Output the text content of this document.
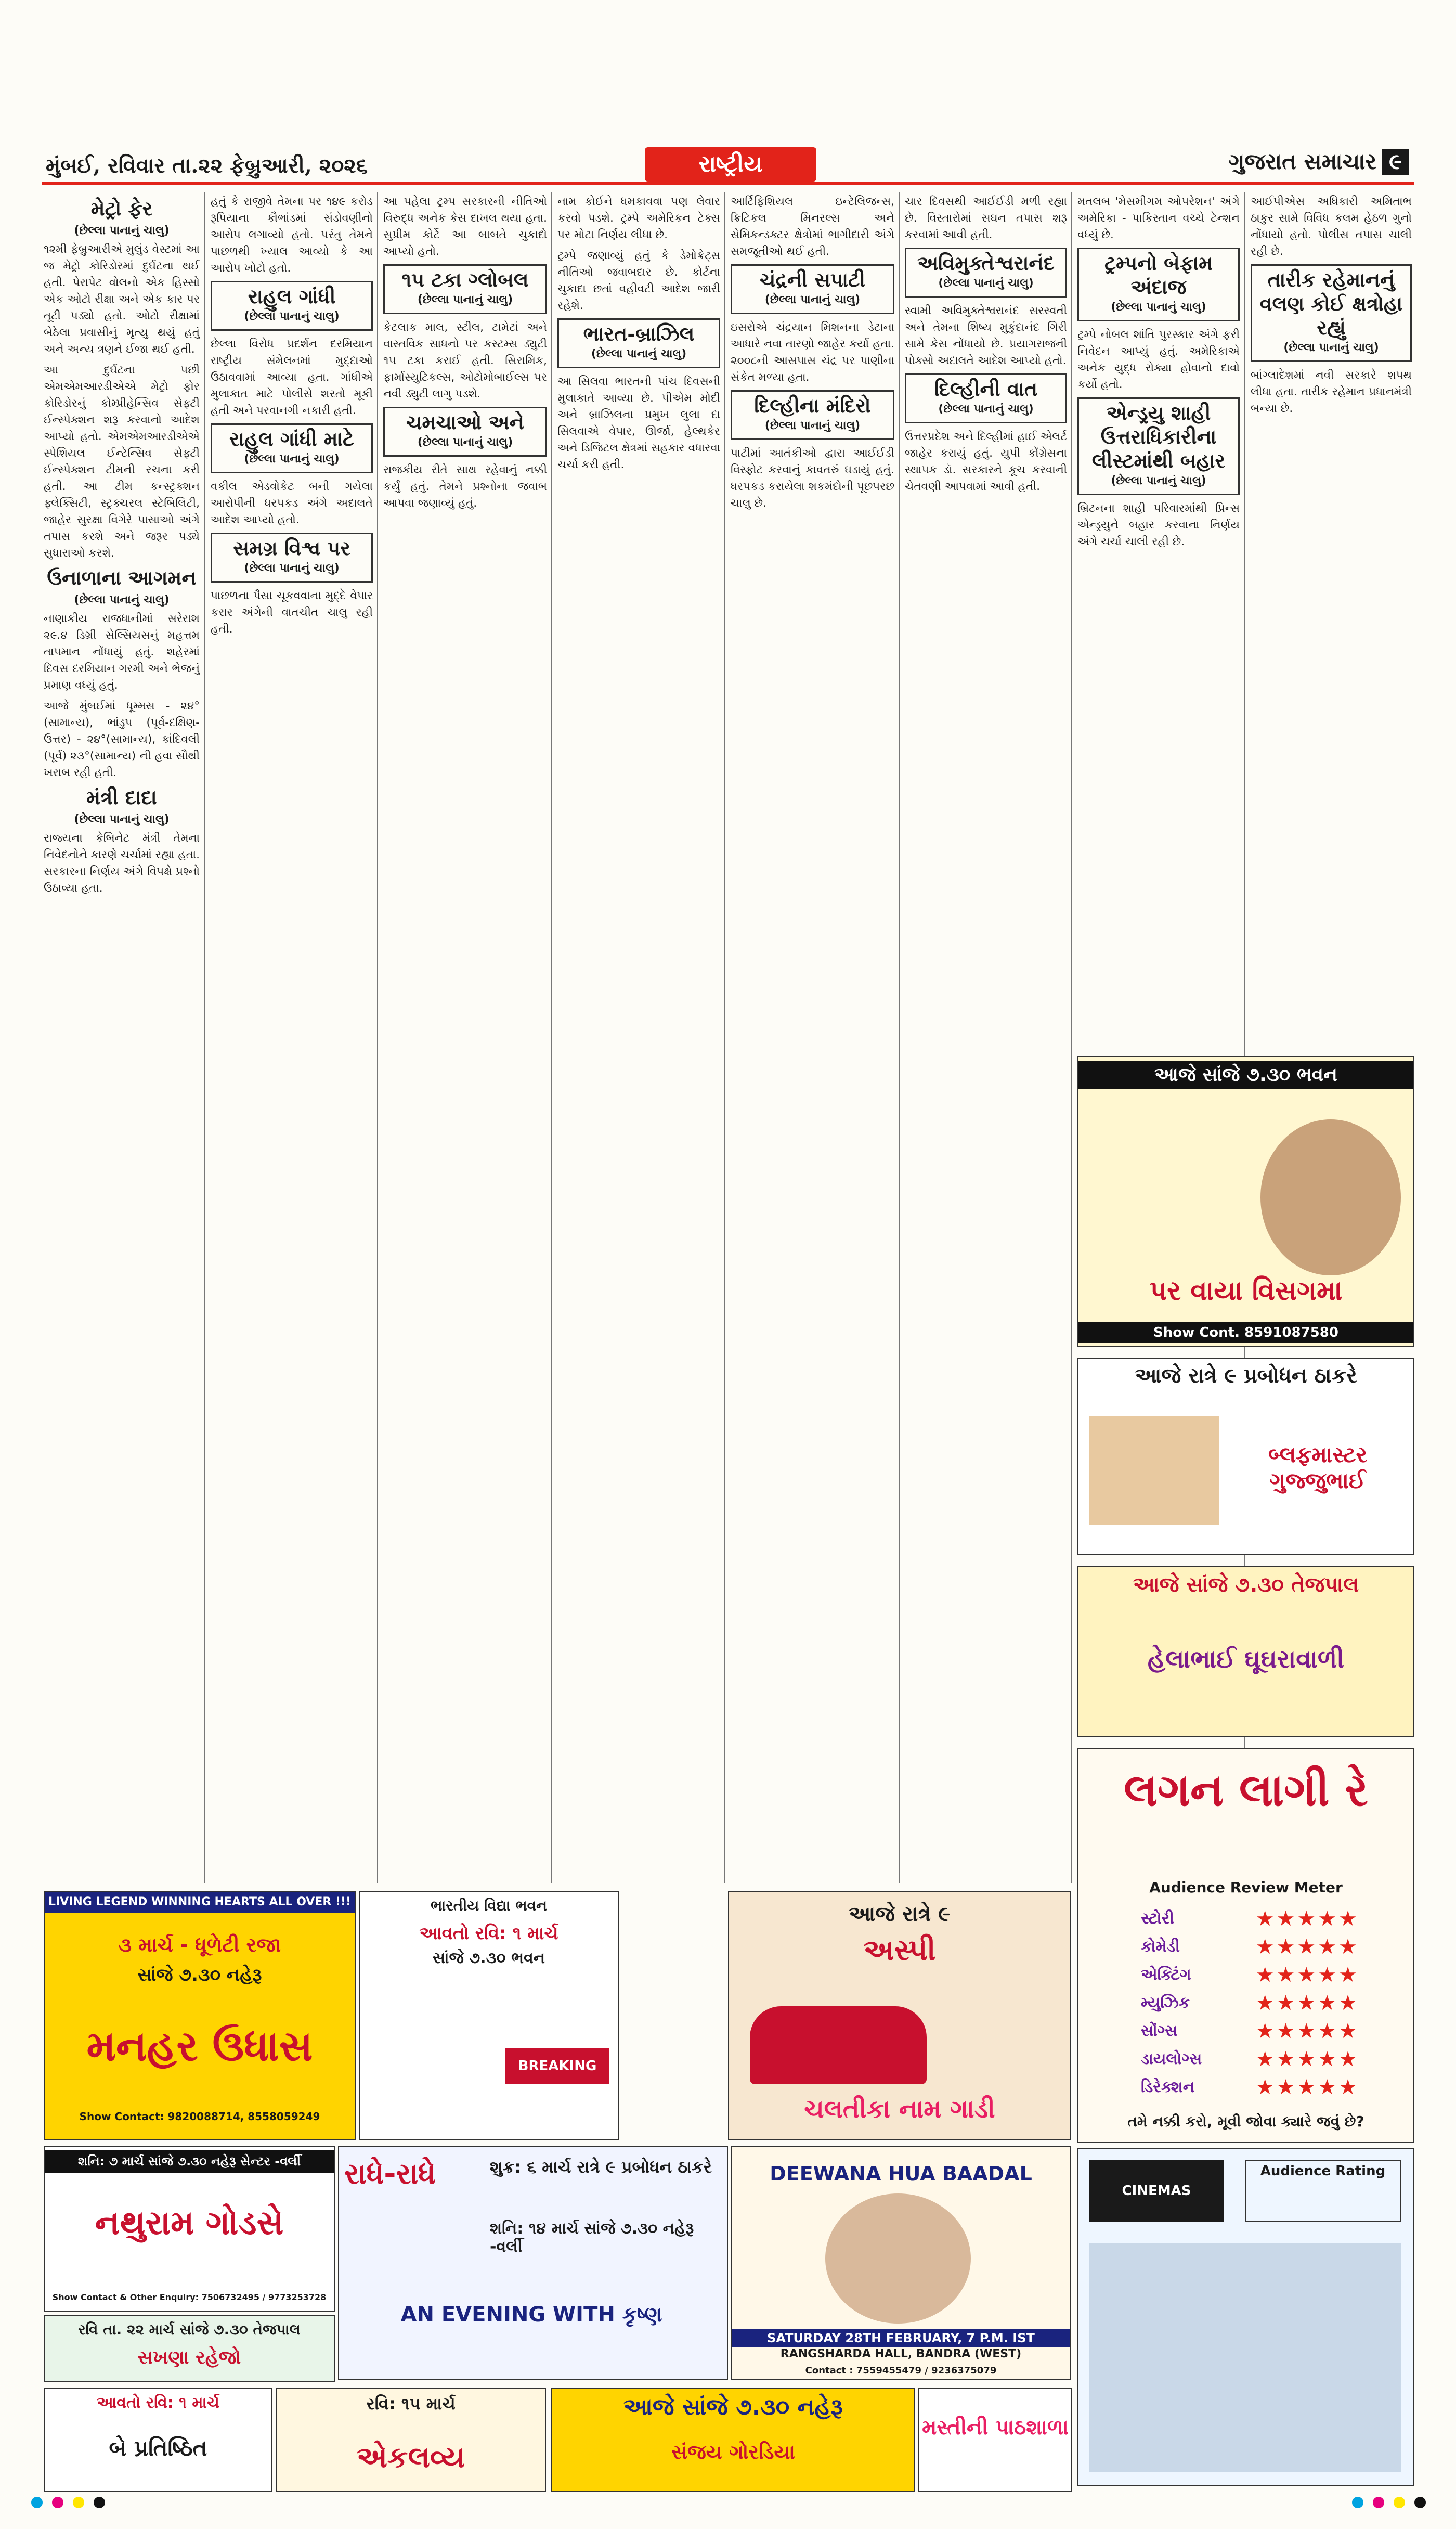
મુંબઈ, રવિવાર તા.૨૨ ફેબ્રુઆરી, ૨૦૨૬	રાષ્ટ્રીય	ગુજરાત સમાચાર ૯
મેટ્રો ફેર
(છેલ્લા પાનાનું ચાલુ)

૧૨મી ફેબ્રુઆરીએ મુલુંડ વેસ્ટમાં આ જ મેટ્રો કોરિડોરમાં દુર્ઘટના થઈ હતી. પેરાપેટ વોલનો એક હિસ્સો એક ઓટો રીક્ષા અને એક કાર પર તૂટી પડ્યો હતો. ઓટો રીક્ષામાં બેઠેલા પ્રવાસીનું મૃત્યુ થયું હતું અને અન્ય ત્રણને ઈજા થઈ હતી.

આ દુર્ઘટના પછી એમએમઆરડીએએ મેટ્રો ફોર કોરિડોરનું કોમ્પ્રીહેન્સિવ સેફ્ટી ઈન્સ્પેક્શન શરૂ કરવાનો આદેશ આપ્યો હતો. એમએમઆરડીએએ સ્પેશિયલ ઈન્ટેન્સિવ સેફ્ટી ઈન્સ્પેક્શન ટીમની રચના કરી હતી. આ ટીમ કન્સ્ટ્રક્શન ફ્લેક્સિટી, સ્ટ્રક્ચરલ સ્ટેબિલિટી, જાહેર સુરક્ષા વિગેરે પાસાઓ અંગે તપાસ કરશે અને જરૂર પડ્યે સુધારાઓ કરશે.

ઉનાળાના આગમન
(છેલ્લા પાનાનું ચાલુ)

નાણાકીય રાજધાનીમાં સરેરાશ ૨૯.૪ ડિગ્રી સેલ્સિયસનું મહત્તમ તાપમાન નોંધાયું હતું. શહેરમાં દિવસ દરમિયાન ગરમી અને ભેજનું પ્રમાણ વધ્યું હતું.

આજે મુંબઈમાં ધૂમ્મસ - ૨૪°(સામાન્ય), ભાંડુપ (પૂર્વ-દક્ષિણ-ઉત્તર) - ૨૪°(સામાન્ય), કાંદિવલી (પૂર્વ) ૨૩°(સામાન્ય) ની હવા સૌથી ખરાબ રહી હતી.

મંત્રી દાદા
(છેલ્લા પાનાનું ચાલુ)

રાજ્યના કેબિનેટ મંત્રી તેમના નિવેદનોને કારણે ચર્ચામાં રહ્યા હતા. સરકારના નિર્ણય અંગે વિપક્ષે પ્રશ્નો ઉઠાવ્યા હતા.

હતું કે રાજીવે તેમના પર ૧૪૯ કરોડ રૂપિયાના કૌભાંડમાં સંડોવણીનો આરોપ લગાવ્યો હતો. પરંતુ તેમને પાછળથી ખ્યાલ આવ્યો કે આ આરોપ ખોટો હતો.

રાહુલ ગાંધી
(છેલ્લા પાનાનું ચાલુ)

છેલ્લા વિરોધ પ્રદર્શન દરમિયાન રાષ્ટ્રીય સંમેલનમાં મુદ્દાઓ ઉઠાવવામાં આવ્યા હતા. ગાંધીએ મુલાકાત માટે પોલીસે શરતો મૂકી હતી અને પરવાનગી નકારી હતી.

રાહુલ ગાંધી માટે
(છેલ્લા પાનાનું ચાલુ)

વકીલ એડવોકેટ બની ગયેલા આરોપીની ધરપકડ અંગે અદાલતે આદેશ આપ્યો હતો.

સમગ્ર વિશ્વ પર
(છેલ્લા પાનાનું ચાલુ)

પાછળના પૈસા ચૂકવવાના મુદ્દે વેપાર કરાર અંગેની વાતચીત ચાલુ રહી હતી.

આ પહેલા ટ્રમ્પ સરકારની નીતિઓ વિરુદ્ધ અનેક કેસ દાખલ થયા હતા. સુપ્રીમ કોર્ટે આ બાબતે ચુકાદો આપ્યો હતો.

૧૫ ટકા ગ્લોબલ
(છેલ્લા પાનાનું ચાલુ)

કેટલાક માલ, સ્ટીલ, ટામેટાં અને વાસ્તવિક સાધનો પર કસ્ટમ્સ ડ્યુટી ૧૫ ટકા કરાઈ હતી. સિરામિક, ફાર્માસ્યુટિકલ્સ, ઓટોમોબાઈલ્સ પર નવી ડ્યુટી લાગુ પડશે.

ચમચાઓ અને
(છેલ્લા પાનાનું ચાલુ)

રાજકીય રીતે સાથ રહેવાનું નક્કી કર્યું હતું. તેમને પ્રશ્નોના જવાબ આપવા જણાવ્યું હતું.

નામ કોઈને ધમકાવવા પણ લેવાર કરવો પડશે. ટ્રમ્પે અમેરિકન ટેક્સ પર મોટા નિર્ણય લીધા છે.

ટ્રમ્પે જણાવ્યું હતું કે ડેમોક્રેટ્સ નીતિઓ જવાબદાર છે. કોર્ટના ચુકાદા છતાં વહીવટી આદેશ જારી રહેશે.

ભારત-બ્રાઝિલ
(છેલ્લા પાનાનું ચાલુ)

આ સિલવા ભારતની પાંચ દિવસની મુલાકાતે આવ્યા છે. પીએમ મોદી અને બ્રાઝિલના પ્રમુખ લુલા દા સિલવાએ વેપાર, ઊર્જા, હેલ્થકેર અને ડિજિટલ ક્ષેત્રમાં સહકાર વધારવા ચર્ચા કરી હતી.

આર્ટિફિશિયલ ઇન્ટેલિજન્સ, ક્રિટિકલ મિનરલ્સ અને સેમિકન્ડક્ટર ક્ષેત્રોમાં ભાગીદારી અંગે સમજૂતીઓ થઈ હતી.

ચંદ્રની સપાટી
(છેલ્લા પાનાનું ચાલુ)

ઇસરોએ ચંદ્રયાન મિશનના ડેટાના આધારે નવા તારણો જાહેર કર્યા હતા. ૨૦૦૮ની આસપાસ ચંદ્ર પર પાણીના સંકેત મળ્યા હતા.

દિલ્હીના મંદિરો
(છેલ્લા પાનાનું ચાલુ)

પાટીમાં આતંકીઓ દ્વારા આઈઈડી વિસ્ફોટ કરવાનું કાવતરું ઘડાયું હતું. ધરપકડ કરાયેલા શકમંદોની પૂછપરછ ચાલુ છે.

ચાર દિવસથી આઈઈડી મળી રહ્યા છે. વિસ્તારોમાં સઘન તપાસ શરૂ કરવામાં આવી હતી.

અવિમુક્તેશ્વરાનંદ
(છેલ્લા પાનાનું ચાલુ)

સ્વામી અવિમુક્તેશ્વરાનંદ સરસ્વતી અને તેમના શિષ્ય મુકુંદાનંદ ગિરી સામે કેસ નોંધાયો છે. પ્રયાગરાજની પોક્સો અદાલતે આદેશ આપ્યો હતો.

દિલ્હીની વાત
(છેલ્લા પાનાનું ચાલુ)

ઉત્તરપ્રદેશ અને દિલ્હીમાં હાઈ એલર્ટ જાહેર કરાયું હતું. યુપી કોંગ્રેસના સ્થાપક ડૉ. સરકારને કૂચ કરવાની ચેતવણી આપવામાં આવી હતી.

મતલબ 'મેસમીગમ ઓપરેશન' અંગે અમેરિકા - પાકિસ્તાન વચ્ચે ટેન્શન વધ્યું છે.

ટ્રમ્પનો બેફામ અંદાજ
(છેલ્લા પાનાનું ચાલુ)

ટ્રમ્પે નોબલ શાંતિ પુરસ્કાર અંગે ફરી નિવેદન આપ્યું હતું. અમેરિકાએ અનેક યુદ્ધ રોક્યા હોવાનો દાવો કર્યો હતો.

એન્ડ્રયુ શાહી ઉત્તરાધિકારીના લીસ્ટમાંથી બહાર
(છેલ્લા પાનાનું ચાલુ)

બ્રિટનના શાહી પરિવારમાંથી પ્રિન્સ એન્ડ્રયુને બહાર કરવાના નિર્ણય અંગે ચર્ચા ચાલી રહી છે.

આઈપીએસ અધિકારી અમિતાભ ઠાકુર સામે વિવિધ કલમ હેઠળ ગુનો નોંધાયો હતો. પોલીસ તપાસ ચાલી રહી છે.

તારીક રહેમાનનું વલણ કોઈ ક્ષત્રોહા રહ્યું
(છેલ્લા પાનાનું ચાલુ)

બાંગ્લાદેશમાં નવી સરકારે શપથ લીધા હતા. તારીક રહેમાન પ્રધાનમંત્રી બન્યા છે.

આજે સાંજે ૭.૩૦ ભવન
પર વાયા વિસગમા
Show Cont. 8591087580
આજે રાત્રે ૯ પ્રબોધન ઠાકરે
બ્લફમાસ્ટર ગુજ્જુભાઈ
આજે સાંજે ૭.૩૦ તેજપાલ
હેલાભાઈ ઘૂઘરાવાળી
લગન લાગી રે
Audience Review Meter
સ્ટોરી	★★★★★
કોમેડી	★★★★★
એક્ટિંગ	★★★★★
મ્યુઝિક	★★★★★
સોંગ્સ	★★★★★
ડાયલોગ્સ	★★★★★
ડિરેક્શન	★★★★★
તમે નક્કી કરો, મૂવી જોવા ક્યારે જવું છે?
CINEMAS
Audience Rating
LIVING LEGEND WINNING HEARTS ALL OVER !!!
૩ માર્ચ - ધૂળેટી રજા
સાંજે ૭.૩૦ નહેરૂ
મનહર ઉધાસ
Show Contact: 9820088714, 8558059249
ભારતીય વિદ્યા ભવન
આવતો રવિ: ૧ માર્ચ
સાંજે ૭.૩૦ ભવન
BREAKING NEWS
આજે રાત્રે ૯
અસ્પી
ચલતીકા નામ ગાડી
શનિ: ૭ માર્ચ સાંજે ૭.૩૦ નહેરૂ સેન્ટર -વર્લી
નથુરામ ગોડસે
Show Contact & Other Enquiry: 7506732495 / 9773253728
રાધે-રાધે	શુક્ર: ૬ માર્ચ રાત્રે ૯ પ્રબોધન ઠાકરે
શનિ: ૧૪ માર્ચ સાંજે ૭.૩૦ નહેરૂ -વર્લી
AN EVENING WITH કૃષ્ણ
DEEWANA HUA BAADAL
SATURDAY 28TH FEBRUARY, 7 P.M. IST
RANGSHARDA HALL, BANDRA (WEST)
Contact : 7559455479 / 9236375079
રવિ તા. ૨૨ માર્ચ સાંજે ૭.૩૦ તેજપાલ
સખણા રહેજો
આવતો રવિ: ૧ માર્ચ
બે પ્રતિષ્ઠિત
રવિ: ૧૫ માર્ચ
એકલવ્ય
આજે સાંજે ૭.૩૦ નહેરૂ
સંજય ગોરડિયા
મસ્તીની પાઠશાળા
